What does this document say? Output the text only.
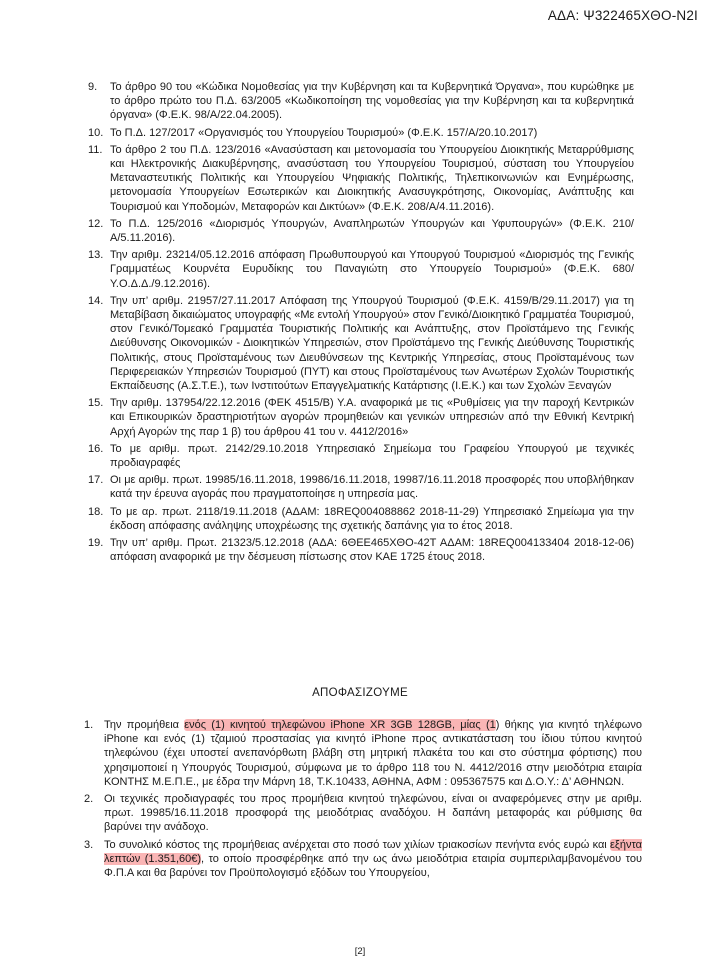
ΑΔΑ: Ψ322465ΧΘΟ-Ν2Ι
9.	Το άρθρο 90 του «Κώδικα Νομοθεσίας για την Κυβέρνηση και τα Κυβερνητικά Όργανα», που κυρώθηκε με το άρθρο πρώτο του Π.Δ. 63/2005 «Κωδικοποίηση της νομοθεσίας για την Κυβέρνηση και τα κυβερνητικά όργανα» (Φ.Ε.Κ. 98/Α/22.04.2005).
10. Το Π.Δ. 127/2017 «Οργανισμός του Υπουργείου Τουρισμού» (Φ.Ε.Κ. 157/Α/20.10.2017)
11. Το άρθρο 2 του Π.Δ. 123/2016 «Ανασύσταση και μετονομασία του Υπουργείου Διοικητικής Μεταρρύθμισης και Ηλεκτρονικής Διακυβέρνησης, ανασύσταση του Υπουργείου Τουρισμού, σύσταση του Υπουργείου Μεταναστευτικής Πολιτικής και Υπουργείου Ψηφιακής Πολιτικής, Τηλεπικοινωνιών και Ενημέρωσης, μετονομασία Υπουργείων Εσωτερικών και Διοικητικής Ανασυγκρότησης, Οικονομίας, Ανάπτυξης και Τουρισμού και Υποδομών, Μεταφορών και Δικτύων» (Φ.Ε.Κ. 208/Α/4.11.2016).
12. Το Π.Δ. 125/2016 «Διορισμός Υπουργών, Αναπληρωτών Υπουργών και Υφυπουργών» (Φ.Ε.Κ. 210/ Α/5.11.2016).
13. Την αριθμ. 23214/05.12.2016 απόφαση Πρωθυπουργού και Υπουργού Τουρισμού «Διορισμός της Γενικής Γραμματέως Κουρνέτα Ευρυδίκης του Παναγιώτη στο Υπουργείο Τουρισμού» (Φ.Ε.Κ. 680/Υ.Ο.Δ.Δ./9.12.2016).
14. Την υπ’ αριθμ. 21957/27.11.2017 Απόφαση της Υπουργού Τουρισμού (Φ.Ε.Κ. 4159/Β/29.11.2017) για τη Μεταβίβαση δικαιώματος υπογραφής «Με εντολή Υπουργού» στον Γενικό/Διοικητικό Γραμματέα Τουρισμού, στον Γενικό/Τομεακό Γραμματέα Τουριστικής Πολιτικής και Ανάπτυξης, στον Προϊστάμενο της Γενικής Διεύθυνσης Οικονομικών - Διοικητικών Υπηρεσιών, στον Προϊστάμενο της Γενικής Διεύθυνσης Τουριστικής Πολιτικής, στους Προϊσταμένους των Διευθύνσεων της Κεντρικής Υπηρεσίας, στους Προϊσταμένους των Περιφερειακών Υπηρεσιών Τουρισμού (ΠΥΤ) και στους Προϊσταμένους των Ανωτέρων Σχολών Τουριστικής Εκπαίδευσης (Α.Σ.Τ.Ε.), των Ινστιτούτων Επαγγελματικής Κατάρτισης (Ι.Ε.Κ.) και των Σχολών Ξεναγών
15. Την αριθμ. 137954/22.12.2016 (ΦΕΚ 4515/Β) Υ.Α. αναφορικά με τις «Ρυθμίσεις για την παροχή Κεντρικών και Επικουρικών δραστηριοτήτων αγορών προμηθειών και γενικών υπηρεσιών από την Εθνική Κεντρική Αρχή Αγορών της παρ 1 β) του άρθρου 41 του ν. 4412/2016»
16. Το με αριθμ. πρωτ. 2142/29.10.2018 Υπηρεσιακό Σημείωμα του Γραφείου Υπουργού με τεχνικές προδιαγραφές
17. Οι με αριθμ. πρωτ. 19985/16.11.2018, 19986/16.11.2018, 19987/16.11.2018 προσφορές που υποβλήθηκαν κατά την έρευνα αγοράς που πραγματοποίησε η υπηρεσία μας.
18. Το με αρ. πρωτ. 2118/19.11.2018 (ΑΔΑΜ: 18REQ004088862 2018-11-29) Υπηρεσιακό Σημείωμα για την έκδοση απόφασης ανάληψης υποχρέωσης της σχετικής δαπάνης για το έτος 2018.
19. Την υπ’ αριθμ. Πρωτ. 21323/5.12.2018 (ΑΔΑ: 6ΘΕΕ465ΧΘΟ-42Τ ΑΔΑΜ: 18REQ004133404 2018-12-06) απόφαση αναφορικά με την δέσμευση πίστωσης στον ΚΑΕ 1725 έτους 2018.
ΑΠΟΦΑΣΙΖΟΥΜΕ
1. Την προμήθεια ενός (1) κινητού τηλεφώνου iPhone XR 3GB 128GB, μίας (1) θήκης για κινητό τηλέφωνο iPhone και ενός (1) τζαμιού προστασίας για κινητό iPhone προς αντικατάσταση του ίδιου τύπου κινητού τηλεφώνου (έχει υποστεί ανεπανόρθωτη βλάβη στη μητρική πλακέτα του και στο σύστημα φόρτισης) που χρησιμοποιεί η Υπουργός Τουρισμού, σύμφωνα με το άρθρο 118 του Ν. 4412/2016 στην μειοδότρια εταιρία ΚΟΝΤΗΣ Μ.Ε.Π.Ε., με έδρα την Μάρνη 18, Τ.Κ.10433, ΑΘΗΝΑ, ΑΦΜ : 095367575 και Δ.Ο.Υ.: Δ’ ΑΘΗΝΩΝ.
2. Οι τεχνικές προδιαγραφές του προς προμήθεια κινητού τηλεφώνου, είναι οι αναφερόμενες στην με αριθμ. πρωτ. 19985/16.11.2018 προσφορά της μειοδότριας αναδόχου. Η δαπάνη μεταφοράς και ρύθμισης θα βαρύνει την ανάδοχο.
3. Το συνολικό κόστος της προμήθειας ανέρχεται στο ποσό των χιλίων τριακοσίων πενήντα ενός ευρώ και εξήντα λεπτών (1.351,60€), το οποίο προσφέρθηκε από την ως άνω μειοδότρια εταιρία συμπεριλαμβανομένου του Φ.Π.Α και θα βαρύνει τον Προϋπολογισμό εξόδων του Υπουργείου,
[2]
